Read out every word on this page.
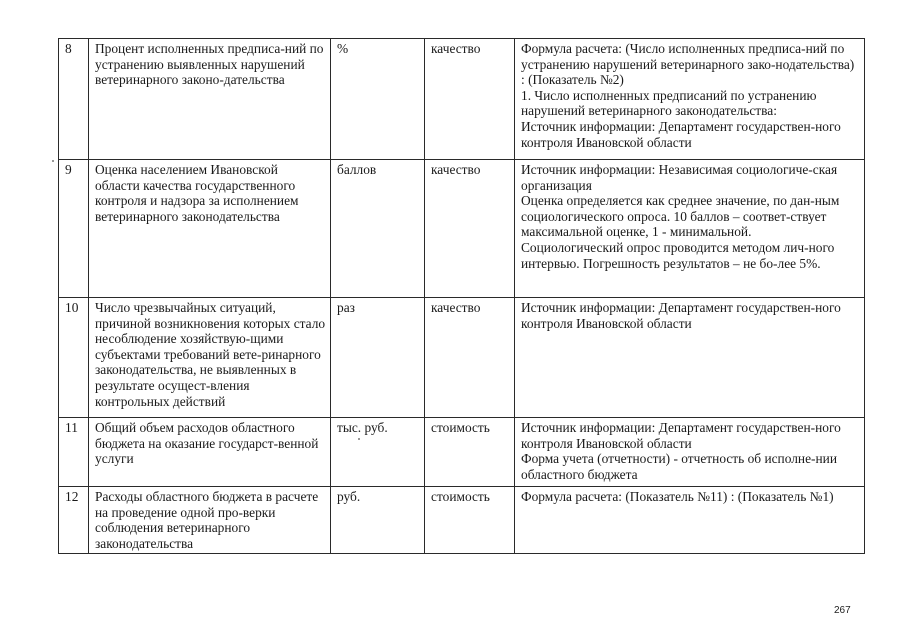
8	Процент исполненных предписа-ний по устранению выявленных нарушений ветеринарного законо-дательства	%	качество	Формула расчета: (Число исполненных предписа-ний по устранению нарушений ветеринарного зако-нодательства) : (Показатель №2)
1. Число исполненных предписаний по устранению нарушений ветеринарного законодательства:
Источник информации: Департамент государствен-ного контроля Ивановской области

9	Оценка населением Ивановской области качества государственного контроля и надзора за исполнением ветеринарного законодательства	баллов	качество	Источник информации: Независимая социологиче-ская организация
Оценка определяется как среднее значение, по дан-ным социологического опроса. 10 баллов – соответ-ствует максимальной оценке, 1 - минимальной.
Социологический опрос проводится методом лич-ного интервью. Погрешность результатов – не бо-лее 5%.

10	Число чрезвычайных ситуаций, причиной возникновения которых стало несоблюдение хозяйствую-щими субъектами требований вете-ринарного законодательства, не выявленных в результате осущест-вления контрольных действий	раз	качество	Источник информации: Департамент государствен-ного контроля Ивановской области

11	Общий объем расходов областного бюджета на оказание государст-венной услуги	тыс. руб.	стоимость	Источник информации: Департамент государствен-ного контроля Ивановской области
Форма учета (отчетности) - отчетность об исполне-нии областного бюджета

12	Расходы областного бюджета в расчете на проведение одной про-верки соблюдения ветеринарного законодательства	руб.	стоимость	Формула расчета: (Показатель №11) : (Показатель №1)
267
